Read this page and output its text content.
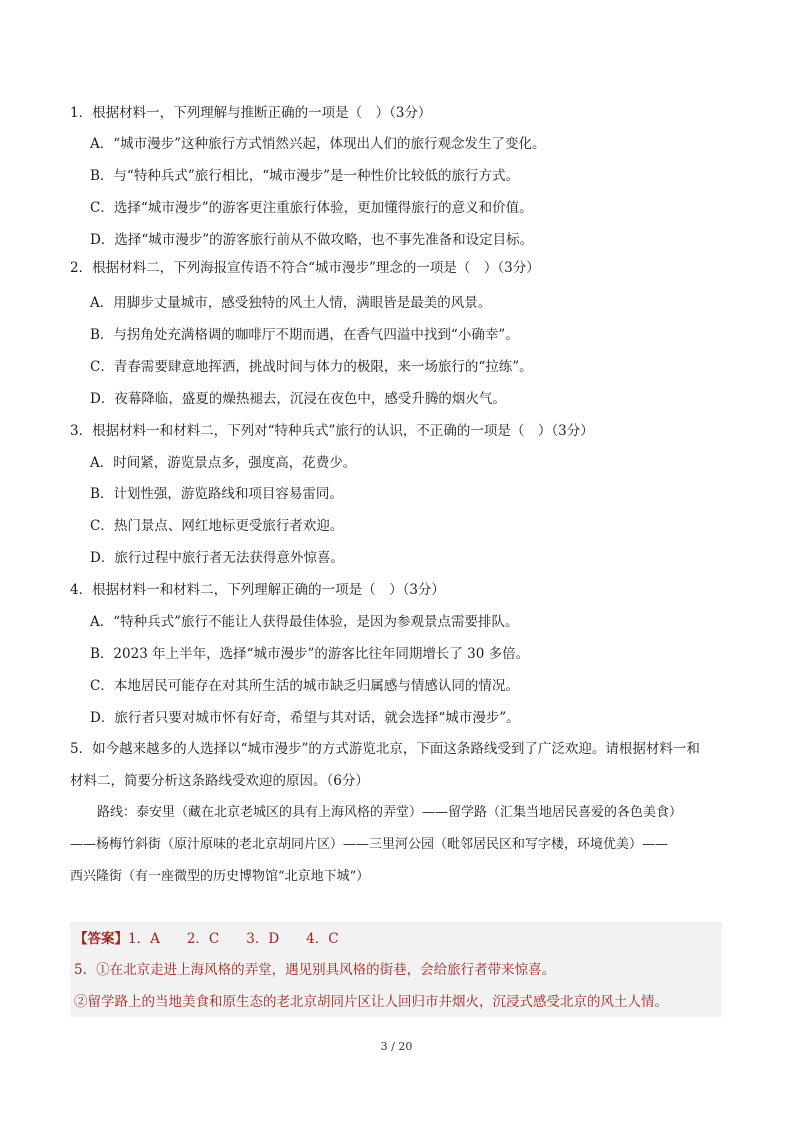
1．根据材料一，下列理解与推断正确的一项是（　）（3分）
A．“城市漫步”这种旅行方式悄然兴起，体现出人们的旅行观念发生了变化。
B．与“特种兵式”旅行相比，“城市漫步”是一种性价比较低的旅行方式。
C．选择“城市漫步”的游客更注重旅行体验，更加懂得旅行的意义和价值。
D．选择“城市漫步”的游客旅行前从不做攻略，也不事先准备和设定目标。
2．根据材料二，下列海报宣传语不符合“城市漫步”理念的一项是（　）（3分）
A．用脚步丈量城市，感受独特的风土人情，满眼皆是最美的风景。
B．与拐角处充满格调的咖啡厅不期而遇，在香气四溢中找到“小确幸”。
C．青春需要肆意地挥洒，挑战时间与体力的极限，来一场旅行的“拉练”。
D．夜幕降临，盛夏的燥热褪去，沉浸在夜色中，感受升腾的烟火气。
3．根据材料一和材料二，下列对“特种兵式”旅行的认识，不正确的一项是（　）（3分）
A．时间紧，游览景点多，强度高，花费少。
B．计划性强，游览路线和项目容易雷同。
C．热门景点、网红地标更受旅行者欢迎。
D．旅行过程中旅行者无法获得意外惊喜。
4．根据材料一和材料二，下列理解正确的一项是（　）（3分）
A．“特种兵式”旅行不能让人获得最佳体验，是因为参观景点需要排队。
B．2023 年上半年，选择“城市漫步”的游客比往年同期增长了 30 多倍。
C．本地居民可能存在对其所生活的城市缺乏归属感与情感认同的情况。
D．旅行者只要对城市怀有好奇，希望与其对话，就会选择“城市漫步”。
5．如今越来越多的人选择以“城市漫步”的方式游览北京，下面这条路线受到了广泛欢迎。请根据材料一和
材料二，简要分析这条路线受欢迎的原因。（6分）
路线：泰安里（藏在北京老城区的具有上海风格的弄堂）——留学路（汇集当地居民喜爱的各色美食）
——杨梅竹斜街（原汁原味的老北京胡同片区）——三里河公园（毗邻居民区和写字楼，环境优美）——
西兴隆街（有一座微型的历史博物馆“北京地下城”）
【答案】1．A　　2．C　　3．D　　4．C
5．①在北京走进上海风格的弄堂，遇见别具风格的街巷，会给旅行者带来惊喜。
②留学路上的当地美食和原生态的老北京胡同片区让人回归市井烟火，沉浸式感受北京的风土人情。
3 / 20
